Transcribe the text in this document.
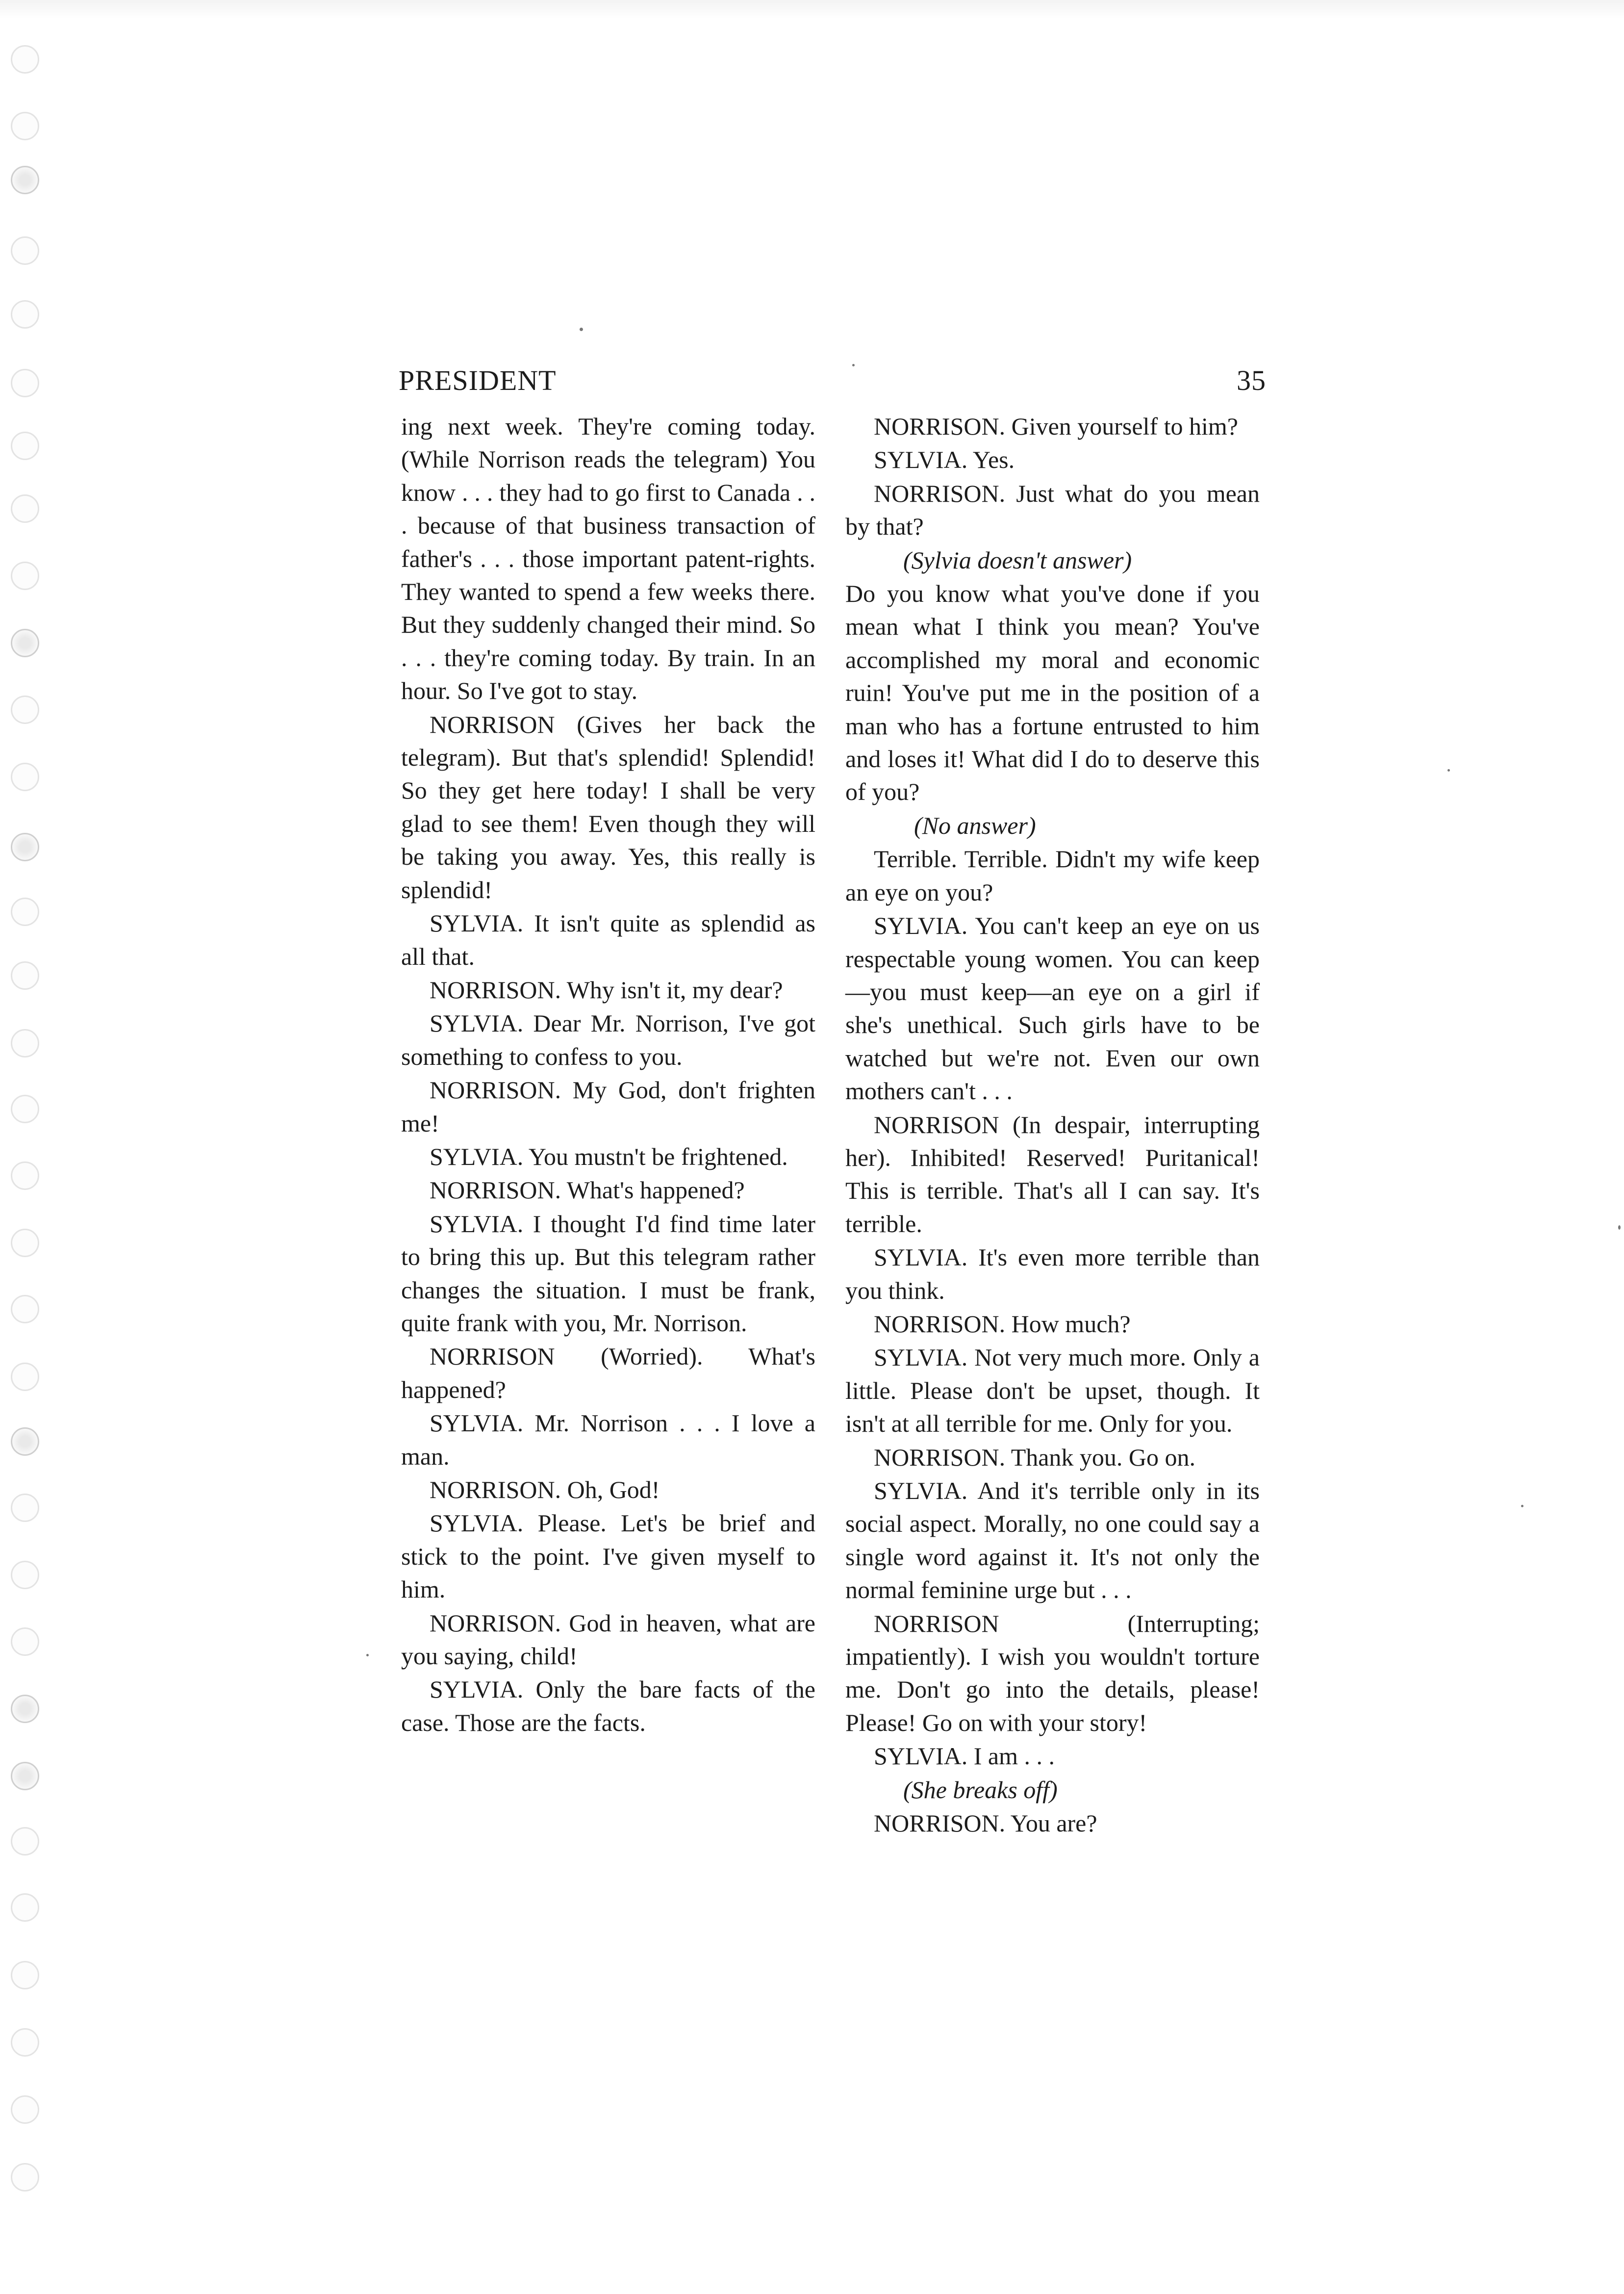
PRESIDENT	35

ing next week. They're coming today. (While Norrison reads the telegram) You know . . . they had to go first to Canada . . . because of that business transaction of father's . . . those important patent-rights. They wanted to spend a few weeks there. But they suddenly changed their mind. So . . . they're coming today. By train. In an hour. So I've got to stay.

NORRISON (Gives her back the telegram). But that's splendid! Splendid! So they get here today! I shall be very glad to see them! Even though they will be taking you away. Yes, this really is splendid!

SYLVIA. It isn't quite as splendid as all that.

NORRISON. Why isn't it, my dear?

SYLVIA. Dear Mr. Norrison, I've got something to confess to you.

NORRISON. My God, don't frighten me!

SYLVIA. You mustn't be frightened.

NORRISON. What's happened?

SYLVIA. I thought I'd find time later to bring this up. But this telegram rather changes the situation. I must be frank, quite frank with you, Mr. Norrison.

NORRISON (Worried). What's happened?

SYLVIA. Mr. Norrison . . . I love a man.

NORRISON. Oh, God!

SYLVIA. Please. Let's be brief and stick to the point. I've given myself to him.

NORRISON. God in heaven, what are you saying, child!

SYLVIA. Only the bare facts of the case. Those are the facts.

NORRISON. Given yourself to him?

SYLVIA. Yes.

NORRISON. Just what do you mean by that?

(Sylvia doesn't answer)

Do you know what you've done if you mean what I think you mean? You've accomplished my moral and economic ruin! You've put me in the position of a man who has a fortune entrusted to him and loses it! What did I do to deserve this of you?

(No answer)

Terrible. Terrible. Didn't my wife keep an eye on you?

SYLVIA. You can't keep an eye on us respectable young women. You can keep—you must keep—an eye on a girl if she's unethical. Such girls have to be watched but we're not. Even our own mothers can't . . .

NORRISON (In despair, interrupting her). Inhibited! Reserved! Puritanical! This is terrible. That's all I can say. It's terrible.

SYLVIA. It's even more terrible than you think.

NORRISON. How much?

SYLVIA. Not very much more. Only a little. Please don't be upset, though. It isn't at all terrible for me. Only for you.

NORRISON. Thank you. Go on.

SYLVIA. And it's terrible only in its social aspect. Morally, no one could say a single word against it. It's not only the normal feminine urge but . . .

NORRISON (Interrupting; impatiently). I wish you wouldn't torture me. Don't go into the details, please! Please! Go on with your story!

SYLVIA. I am . . .

(She breaks off)

NORRISON. You are?
